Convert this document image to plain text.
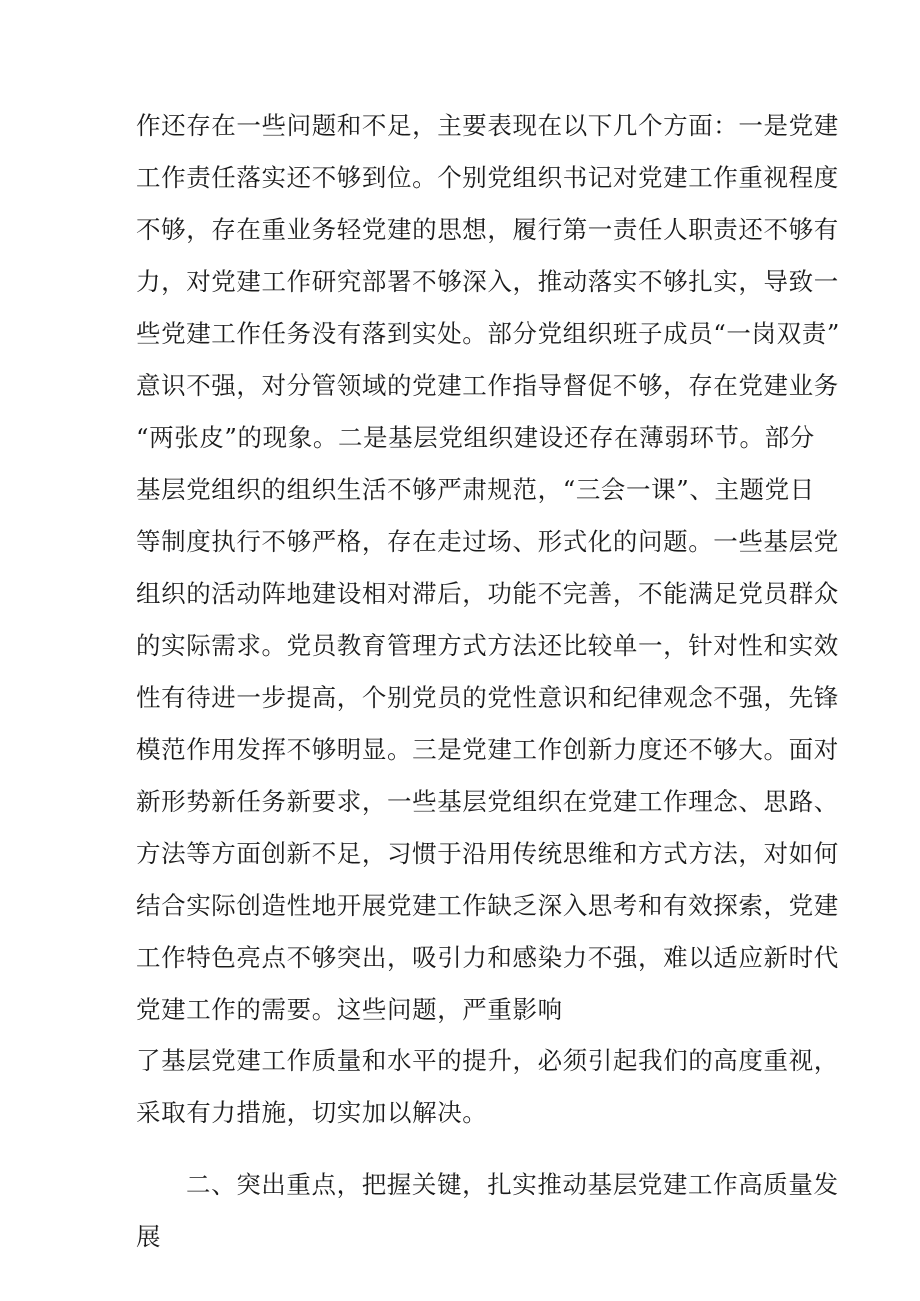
作还存在一些问题和不足，主要表现在以下几个方面：一是党建
工作责任落实还不够到位。个别党组织书记对党建工作重视程度
不够，存在重业务轻党建的思想，履行第一责任人职责还不够有
力，对党建工作研究部署不够深入，推动落实不够扎实，导致一
些党建工作任务没有落到实处。部分党组织班子成员“一岗双责”
意识不强，对分管领域的党建工作指导督促不够，存在党建业务
“两张皮”的现象。二是基层党组织建设还存在薄弱环节。部分
基层党组织的组织生活不够严肃规范，“三会一课”、主题党日
等制度执行不够严格，存在走过场、形式化的问题。一些基层党
组织的活动阵地建设相对滞后，功能不完善，不能满足党员群众
的实际需求。党员教育管理方式方法还比较单一，针对性和实效
性有待进一步提高，个别党员的党性意识和纪律观念不强，先锋
模范作用发挥不够明显。三是党建工作创新力度还不够大。面对
新形势新任务新要求，一些基层党组织在党建工作理念、思路、
方法等方面创新不足，习惯于沿用传统思维和方式方法，对如何
结合实际创造性地开展党建工作缺乏深入思考和有效探索，党建
工作特色亮点不够突出，吸引力和感染力不强，难以适应新时代
党建工作的需要。这些问题，严重影响
了基层党建工作质量和水平的提升，必须引起我们的高度重视，
采取有力措施，切实加以解决。
二、突出重点，把握关键，扎实推动基层党建工作高质量发
展
